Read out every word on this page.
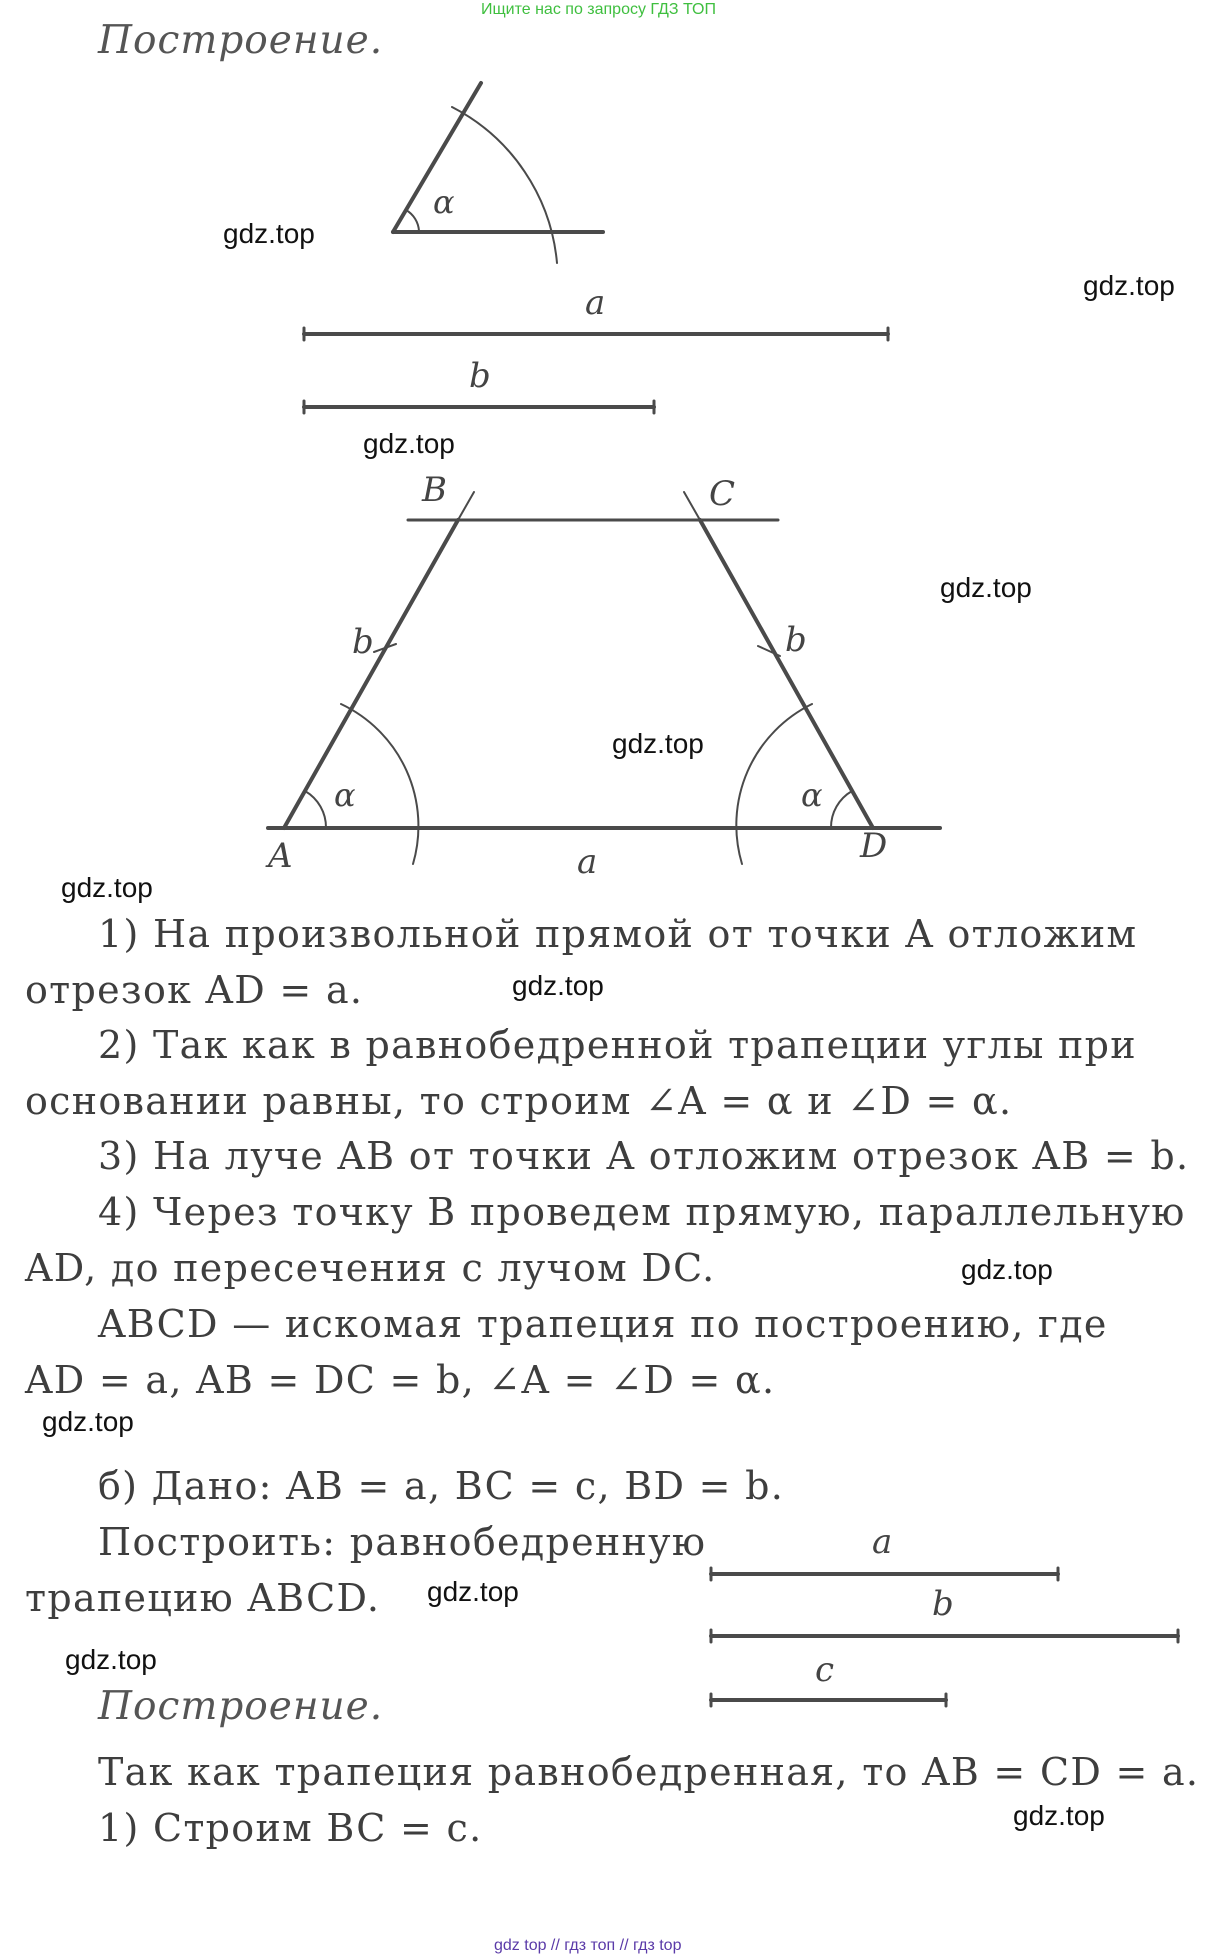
Ищите нас по запросу ГДЗ ТОП
Построение.
α
a
b
B	C
b	b
α	α
A	a	D
1) На произвольной прямой от точки A отложим
отрезок AD = a.
2) Так как в равнобедренной трапеции углы при
основании равны, то строим ∠A = α и ∠D = α.
3) На луче AB от точки A отложим отрезок AB = b.
4) Через точку B проведем прямую, параллельную
AD, до пересечения с лучом DC.
ABCD — искомая трапеция по построению, где
AD = a, AB = DC = b, ∠A = ∠D = α.
б) Дано: AB = a, BC = c, BD = b.
Построить: равнобедренную
трапецию ABCD.
a
b
c
Построение.
Так как трапеция равнобедренная, то AB = CD = a.
1) Строим BC = c.
gdz.top
gdz.top
gdz.top
gdz.top
gdz.top
gdz.top
gdz.top
gdz.top
gdz.top
gdz.top
gdz.top
gdz.top
gdz top // гдз топ // гдз top
